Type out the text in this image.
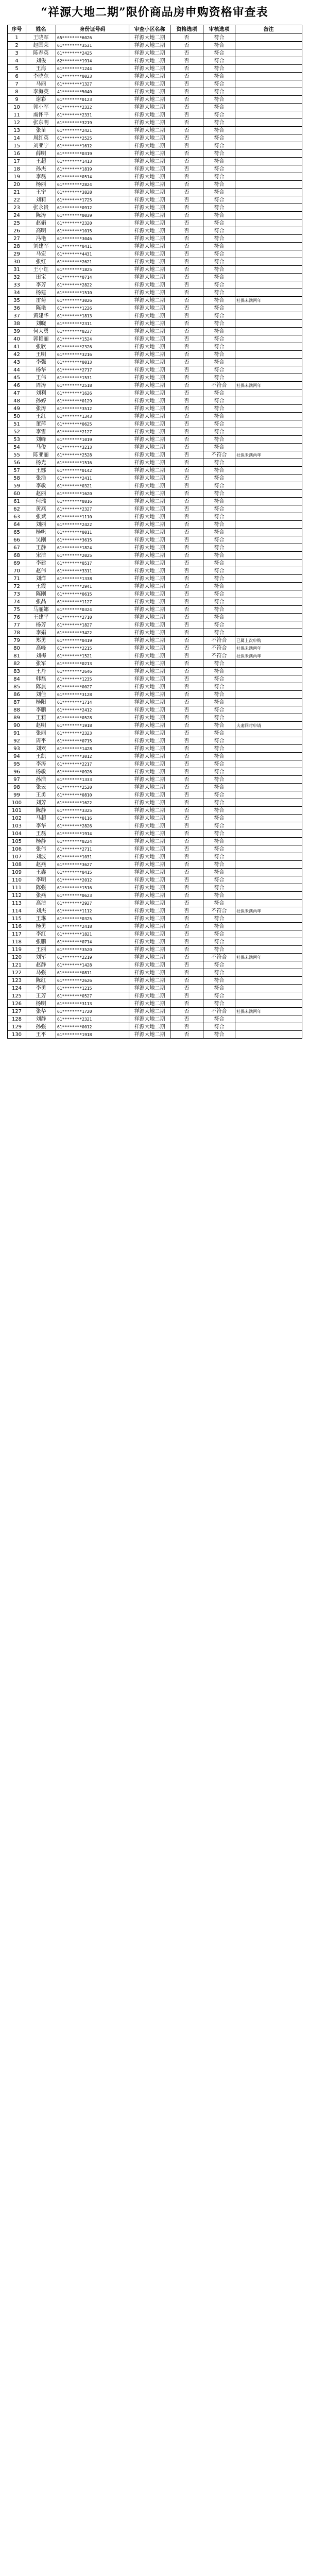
“祥源大地二期”限价商品房申购资格审查表
序号	姓名	身份证号码	审查小区名称	资格选项	审核选项	备注
1	王晓军	65********6026	祥源大地二期	否	符合	
2	赵国荣	61********3531	祥源大地二期	否	符合	
3	陈春英	61********2425	祥源大地二期	否	符合	
4	刘俊	62********1914	祥源大地二期	否	符合	
5	王海	61********1244	祥源大地二期	否	符合	
6	李晓东	61********0023	祥源大地二期	否	符合	
7	马丽	61********1327	祥源大地二期	否	符合	
8	李海英	41********5040	祥源大地二期	否	符合	
9	谢彩	61********0123	祥源大地二期	否	符合	
10	郭小军	61********2332	祥源大地二期	否	符合	
11	虞怀平	61********2331	祥源大地二期	否	符合	
12	张东明	61********3219	祥源大地二期	否	符合	
13	张苗	61********2421	祥源大地二期	否	符合	
14	周红英	61********2525	祥源大地二期	否	符合	
15	刘亚宁	61********1612	祥源大地二期	否	符合	
16	薛明	61********0319	祥源大地二期	否	符合	
17	王超	61********1413	祥源大地二期	否	符合	
18	孙杰	61********1819	祥源大地二期	否	符合	
19	李磊	61********0514	祥源大地二期	否	符合	
20	杨丽	61********2824	祥源大地二期	否	符合	
21	王宁	61********3828	祥源大地二期	否	符合	
22	刘莉	61********1725	祥源大地二期	否	符合	
23	张永贵	61********0912	祥源大地二期	否	符合	
24	陈涛	61********0039	祥源大地二期	否	符合	
25	赵娟	61********2320	祥源大地二期	否	符合	
26	高明	61********1015	祥源大地二期	否	符合	
27	冯艳	61********3046	祥源大地二期	否	符合	
28	刘建军	61********0411	祥源大地二期	否	符合	
29	马宏	61********4431	祥源大地二期	否	符合	
30	张红	61********2621	祥源大地二期	否	符合	
31	王小红	61********1825	祥源大地二期	否	符合	
32	田宝	61********0714	祥源大地二期	否	符合	
33	李芳	61********2822	祥源大地二期	否	符合	
34	杨建	61********1510	祥源大地二期	否	符合	
35	雷菊	61********3026	祥源大地二期	否	符合	社保未满两年
36	陈艳	61********1226	祥源大地二期	否	符合	
37	黄建华	61********1813	祥源大地二期	否	符合	
38	刘晓	61********2311	祥源大地二期	否	符合	
39	何大勇	61********0237	祥源大地二期	否	符合	
40	郭艳丽	61********1524	祥源大地二期	否	符合	
41	张欣	61********2326	祥源大地二期	否	符合	
42	王明	61********3216	祥源大地二期	否	符合	
43	李强	61********0013	祥源大地二期	否	符合	
44	杨华	61********2717	祥源大地二期	否	符合	
45	王伟	61********1531	祥源大地二期	否	符合	
46	周涛	61********2518	祥源大地二期	否	不符合	社保未满两年
47	刘利	61********1626	祥源大地二期	否	符合	
48	孙婷	61********0129	祥源大地二期	否	符合	
49	张涛	61********3512	祥源大地二期	否	符合	
50	王红	61********1343	祥源大地二期	否	符合	
51	董萍	61********0625	祥源大地二期	否	符合	
52	李雪	61********2127	祥源大地二期	否	符合	
53	刘峰	61********1019	祥源大地二期	否	符合	
54	马俊	61********3213	祥源大地二期	否	符合	
55	陈亚丽	61********2528	祥源大地二期	否	不符合	社保未满两年
56	杨光	61********1516	祥源大地二期	否	符合	
57	王娜	61********0142	祥源大地二期	否	符合	
58	张浩	61********2411	祥源大地二期	否	符合	
59	李敏	61********0321	祥源大地二期	否	符合	
60	赵丽	61********1620	祥源大地二期	否	符合	
61	何瑞	61********0816	祥源大地二期	否	符合	
62	黄燕	61********2327	祥源大地二期	否	符合	
63	张斌	61********1110	祥源大地二期	否	符合	
64	刘丽	61********2422	祥源大地二期	否	符合	
65	杨帆	61********0011	祥源大地二期	否	符合	
66	吴刚	61********3615	祥源大地二期	否	符合	
67	王静	61********1824	祥源大地二期	否	符合	
68	宋洁	61********2025	祥源大地二期	否	符合	
69	李建	61********0517	祥源大地二期	否	符合	
70	赵伟	61********3311	祥源大地二期	否	符合	
71	刘洋	61********1338	祥源大地二期	否	符合	
72	王霞	61********2941	祥源大地二期	否	符合	
73	陈刚	61********0615	祥源大地二期	否	符合	
74	张晶	61********1127	祥源大地二期	否	符合	
75	马丽娜	61********0324	祥源大地二期	否	符合	
76	王建平	61********2710	祥源大地二期	否	符合	
77	杨芳	61********1827	祥源大地二期	否	符合	
78	李娟	61********3422	祥源大地二期	否	符合	
79	郑勇	61********0419	祥源大地二期	否	不符合	已属上次申购
80	高峰	61********2215	祥源大地二期	否	不符合	社保未满两年
81	刘梅	61********1521	祥源大地二期	否	不符合	社保未满两年
82	张军	61********0213	祥源大地二期	否	符合	
83	王丹	61********2646	祥源大地二期	否	符合	
84	韩磊	61********1235	祥源大地二期	否	符合	
85	陈晨	61********0027	祥源大地二期	否	符合	
86	刘佳	61********3128	祥源大地二期	否	符合	
87	杨阳	61********1714	祥源大地二期	否	符合	
88	李鹏	61********2412	祥源大地二期	否	符合	
89	王莉	61********0528	祥源大地二期	否	符合	
90	赵明	61********1918	祥源大地二期	否	符合	夫妻同时申请
91	张丽	61********2323	祥源大地二期	否	符合	
92	周平	61********0715	祥源大地二期	否	符合	
93	刘欢	61********1428	祥源大地二期	否	符合	
94	王凯	61********3012	祥源大地二期	否	符合	
95	李涛	61********2217	祥源大地二期	否	符合	
96	杨敏	61********0926	祥源大地二期	否	符合	
97	孙浩	61********1333	祥源大地二期	否	符合	
98	张云	61********2520	祥源大地二期	否	符合	
99	王勇	61********0810	祥源大地二期	否	符合	
100	刘芳	61********1622	祥源大地二期	否	符合	
101	陈静	61********3325	祥源大地二期	否	符合	
102	马超	61********0116	祥源大地二期	否	符合	
103	李华	61********2826	祥源大地二期	否	符合	
104	王磊	61********1914	祥源大地二期	否	符合	
105	杨静	61********0224	祥源大地二期	否	符合	
106	张伟	61********2711	祥源大地二期	否	符合	
107	刘波	61********1031	祥源大地二期	否	符合	
108	赵燕	61********3627	祥源大地二期	否	符合	
109	王鑫	61********0415	祥源大地二期	否	符合	
110	李明	61********2012	祥源大地二期	否	符合	
111	陈强	61********1516	祥源大地二期	否	符合	
112	张燕	61********0623	祥源大地二期	否	符合	
113	高洁	61********2927	祥源大地二期	否	符合	
114	刘杰	61********1112	祥源大地二期	否	不符合	社保未满两年
115	王琳	61********0325	祥源大地二期	否	符合	
116	杨勇	61********2418	祥源大地二期	否	符合	
117	李红	61********1821	祥源大地二期	否	符合	
118	张鹏	61********0714	祥源大地二期	否	符合	
119	王丽	61********3520	祥源大地二期	否	符合	
120	刘军	61********2219	祥源大地二期	否	不符合	社保未满两年
121	赵静	61********1428	祥源大地二期	否	符合	
122	马强	61********0811	祥源大地二期	否	符合	
123	陈红	61********2626	祥源大地二期	否	符合	
124	李勇	61********1215	祥源大地二期	否	符合	
125	王芳	61********0527	祥源大地二期	否	符合	
126	杨明	61********3113	祥源大地二期	否	符合	
127	张华	61********1720	祥源大地二期	否	不符合	社保未满两年
128	刘静	61********2321	祥源大地二期	否	符合	
129	孙强	61********0012	祥源大地二期	否	符合	
130	王平	61********1918	祥源大地二期	否	符合	
